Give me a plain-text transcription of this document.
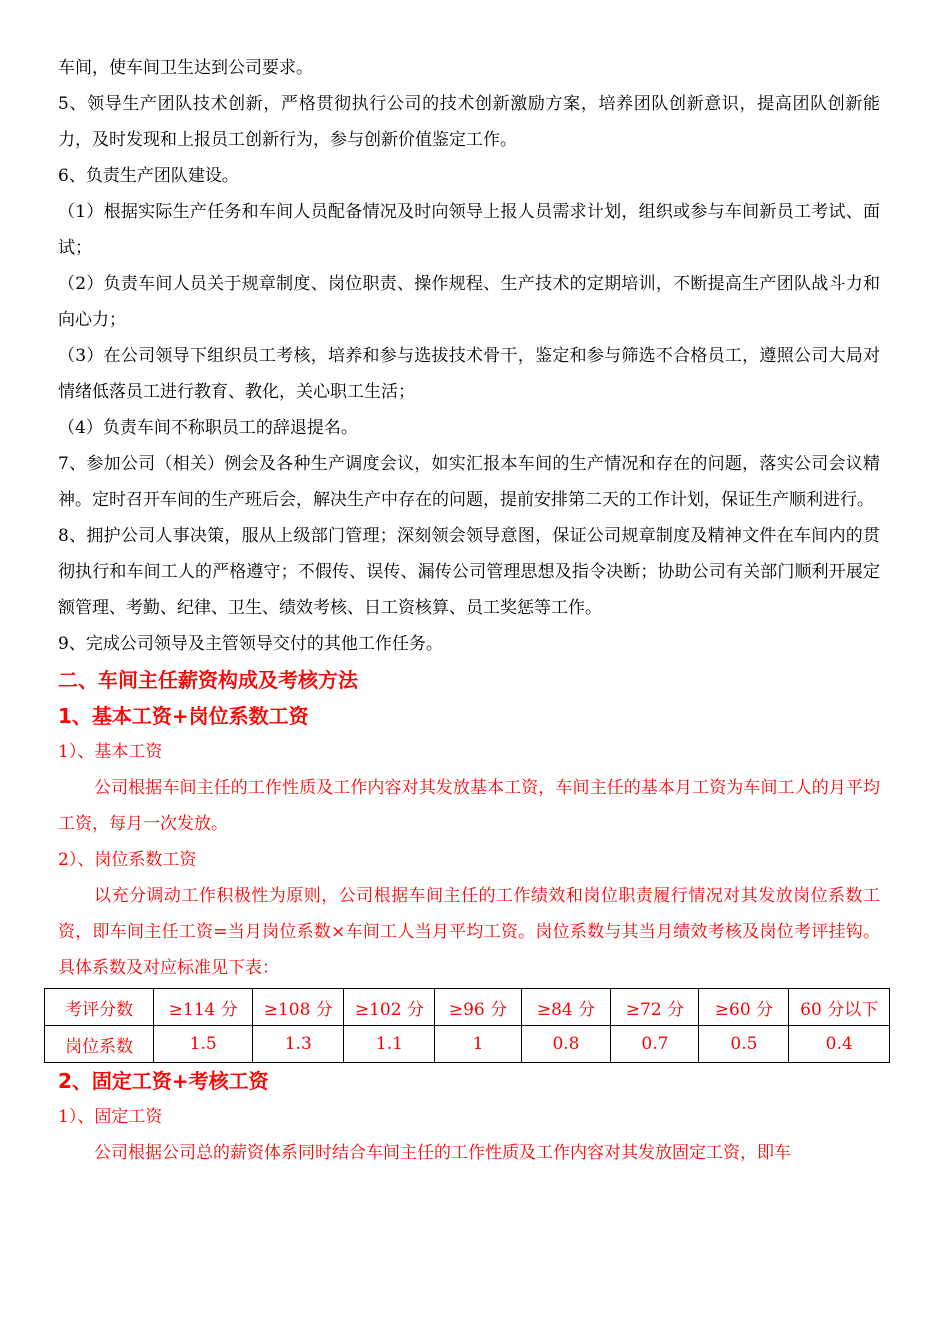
车间，使车间卫生达到公司要求。

5、领导生产团队技术创新，严格贯彻执行公司的技术创新激励方案，培养团队创新意识，提高团队创新能力，及时发现和上报员工创新行为，参与创新价值鉴定工作。

6、负责生产团队建设。

（1）根据实际生产任务和车间人员配备情况及时向领导上报人员需求计划，组织或参与车间新员工考试、面试；

（2）负责车间人员关于规章制度、岗位职责、操作规程、生产技术的定期培训，不断提高生产团队战斗力和向心力；

（3）在公司领导下组织员工考核，培养和参与选拔技术骨干，鉴定和参与筛选不合格员工，遵照公司大局对情绪低落员工进行教育、教化，关心职工生活；

（4）负责车间不称职员工的辞退提名。

7、参加公司（相关）例会及各种生产调度会议，如实汇报本车间的生产情况和存在的问题，落实公司会议精神。定时召开车间的生产班后会，解决生产中存在的问题，提前安排第二天的工作计划，保证生产顺利进行。

8、拥护公司人事决策，服从上级部门管理；深刻领会领导意图，保证公司规章制度及精神文件在车间内的贯彻执行和车间工人的严格遵守；不假传、误传、漏传公司管理思想及指令决断；协助公司有关部门顺利开展定额管理、考勤、纪律、卫生、绩效考核、日工资核算、员工奖惩等工作。

9、完成公司领导及主管领导交付的其他工作任务。

二、车间主任薪资构成及考核方法

1、基本工资+岗位系数工资

1）、基本工资

公司根据车间主任的工作性质及工作内容对其发放基本工资，车间主任的基本月工资为车间工人的月平均工资，每月一次发放。

2）、岗位系数工资

以充分调动工作积极性为原则，公司根据车间主任的工作绩效和岗位职责履行情况对其发放岗位系数工资，即车间主任工资=当月岗位系数×车间工人当月平均工资。岗位系数与其当月绩效考核及岗位考评挂钩。具体系数及对应标准见下表：

考评分数	≥114 分	≥108 分	≥102 分	≥96 分	≥84 分	≥72 分	≥60 分	60 分以下
岗位系数	1.5	1.3	1.1	1	0.8	0.7	0.5	0.4

2、固定工资+考核工资

1）、固定工资

公司根据公司总的薪资体系同时结合车间主任的工作性质及工作内容对其发放固定工资，即车
